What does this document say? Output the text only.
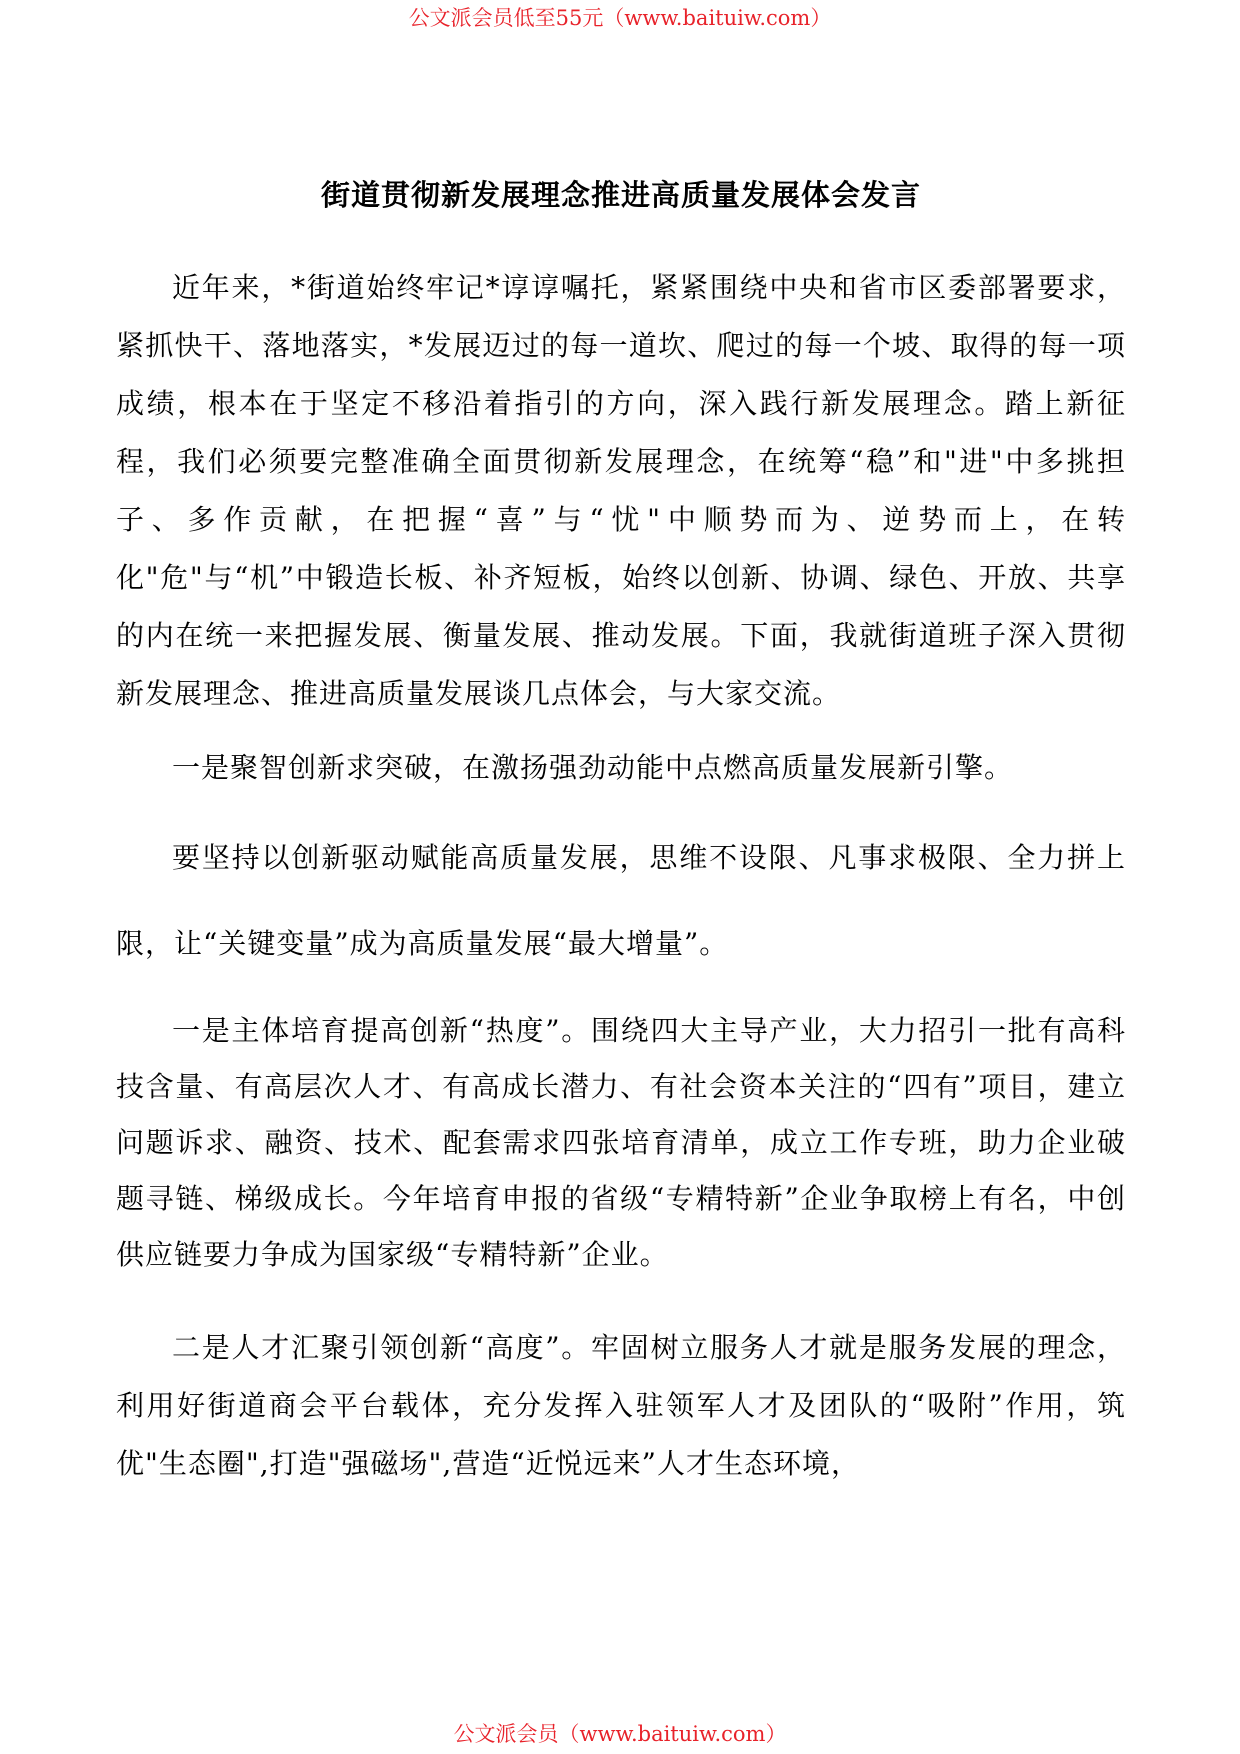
公文派会员低至55元（www.baituiw.com）
街道贯彻新发展理念推进高质量发展体会发言

近年来，*街道始终牢记*谆谆嘱托，紧紧围绕中央和省市区委部署要求，紧抓快干、落地落实，*发展迈过的每一道坎、爬过的每一个坡、取得的每一项成绩，根本在于坚定不移沿着指引的方向，深入践行新发展理念。踏上新征程，我们必须要完整准确全面贯彻新发展理念，在统筹“稳”和"进"中多挑担子、多作贡献，在把握“喜”与“忧"中顺势而为、逆势而上，在转化"危"与“机”中锻造长板、补齐短板，始终以创新、协调、绿色、开放、共享的内在统一来把握发展、衡量发展、推动发展。下面，我就街道班子深入贯彻新发展理念、推进高质量发展谈几点体会，与大家交流。

一是聚智创新求突破，在激扬强劲动能中点燃高质量发展新引擎。

要坚持以创新驱动赋能高质量发展，思维不设限、凡事求极限、全力拼上限，让“关键变量”成为高质量发展“最大增量”。

一是主体培育提高创新“热度”。围绕四大主导产业，大力招引一批有高科技含量、有高层次人才、有高成长潜力、有社会资本关注的“四有”项目，建立问题诉求、融资、技术、配套需求四张培育清单，成立工作专班，助力企业破题寻链、梯级成长。今年培育申报的省级“专精特新”企业争取榜上有名，中创供应链要力争成为国家级“专精特新”企业。

二是人才汇聚引领创新“高度”。牢固树立服务人才就是服务发展的理念，利用好街道商会平台载体，充分发挥入驻领军人才及团队的“吸附”作用，筑优"生态圈",打造"强磁场",营造“近悦远来”人才生态环境，

公文派会员（www.baituiw.com）
